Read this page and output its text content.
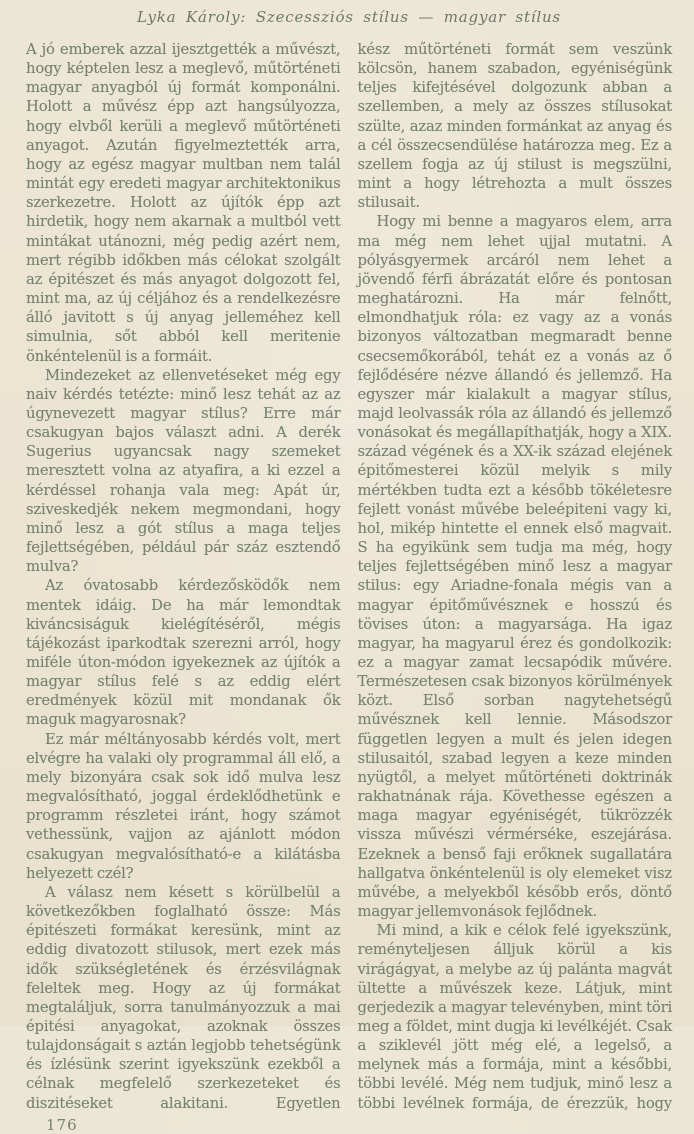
Lyka Károly: Szecessziós stílus — magyar stílus

A jó emberek azzal ijesztgették a művészt, hogy képtelen lesz a meglevő, műtörténeti magyar anyagból új formát komponálni. Holott a művész épp azt hangsúlyozza, hogy elvből kerüli a meglevő műtörténeti anyagot. Azután figyelmeztették arra, hogy az egész magyar multban nem talál mintát egy eredeti magyar architektonikus szerkezetre. Holott az újítók épp azt hirdetik, hogy nem akarnak a multból vett mintákat utánozni, még pedig azért nem, mert régibb időkben más célokat szolgált az épitészet és más anyagot dolgozott fel, mint ma, az új céljához és a rendelkezésre álló javitott s új anyag jelleméhez kell simulnia, sőt abból kell meritenie önkéntelenül is a formáit.

Mindezeket az ellenvetéseket még egy naiv kérdés tetézte: minő lesz tehát az az úgynevezett magyar stílus? Erre már csakugyan bajos választ adni. A derék Sugerius ugyancsak nagy szemeket meresztett volna az atyafira, a ki ezzel a kérdéssel rohanja vala meg: Apát úr, sziveskedjék nekem megmondani, hogy minő lesz a gót stílus a maga teljes fejlettségében, például pár száz esztendő mulva?

Az óvatosabb kérdezősködők nem mentek idáig. De ha már lemondtak kiváncsiságuk kielégítéséről, mégis tájékozást iparkodtak szerezni arról, hogy miféle úton-módon igyekeznek az újítók a magyar stílus felé s az eddig elért eredmények közül mit mondanak ők maguk magyarosnak?

Ez már méltányosabb kérdés volt, mert elvégre ha valaki oly programmal áll elő, a mely bizonyára csak sok idő mulva lesz megvalósítható, joggal érdeklődhetünk e programm részletei iránt, hogy számot vethessünk, vajjon az ajánlott módon csakugyan megvalósítható-e a kilátásba helyezett czél?

A válasz nem késett s körülbelül a következőkben foglalható össze: Más épitészeti formákat keresünk, mint az eddig divatozott stilusok, mert ezek más idők szükségletének és érzésvilágnak feleltek meg. Hogy az új formákat megtaláljuk, sorra tanulmányozzuk a mai épitési anyagokat, azoknak összes tulajdonságait s aztán legjobb tehetségünk és ízlésünk szerint igyekszünk ezekből a célnak megfelelő szerkezeteket és diszitéseket alakitani. Egyetlen

kész műtörténeti formát sem veszünk kölcsön, hanem szabadon, egyéniségünk teljes kifejtésével dolgozunk abban a szellemben, a mely az összes stílusokat szülte, azaz minden formánkat az anyag és a cél összecsendülése határozza meg. Ez a szellem fogja az új stilust is megszülni, mint a hogy létrehozta a mult összes stilusait.

Hogy mi benne a magyaros elem, arra ma még nem lehet ujjal mutatni. A pólyásgyermek arcáról nem lehet a jövendő férfi ábrázatát előre és pontosan meghatározni. Ha már felnőtt, elmondhatjuk róla: ez vagy az a vonás bizonyos változatban megmaradt benne csecsemőkorából, tehát ez a vonás az ő fejlődésére nézve állandó és jellemző. Ha egyszer már kialakult a magyar stílus, majd leolvassák róla az állandó és jellemző vonásokat és megállapíthatják, hogy a XIX. század végének és a XX-ik század elejének épitőmesterei közül melyik s mily mértékben tudta ezt a később tökéletesre fejlett vonást művébe beleépiteni vagy ki, hol, mikép hintette el ennek első magvait. S ha egyikünk sem tudja ma még, hogy teljes fejlettségében minő lesz a magyar stilus: egy Ariadne-fonala mégis van a magyar épitőművésznek e hosszú és tövises úton: a magyarsága. Ha igaz magyar, ha magyarul érez és gondolkozik: ez a magyar zamat lecsapódik művére. Természetesen csak bizonyos körülmények közt. Első sorban nagytehetségű művésznek kell lennie. Másodszor független legyen a mult és jelen idegen stilusaitól, szabad legyen a keze minden nyügtől, a melyet műtörténeti doktrinák rakhatnának rája. Követhesse egészen a maga magyar egyéniségét, tükrözzék vissza művészi vérmérséke, eszejárása. Ezeknek a benső faji erőknek sugallatára hallgatva önkéntelenül is oly elemeket visz művébe, a melyekből később erős, döntő magyar jellemvonások fejlődnek.

Mi mind, a kik e célok felé igyekszünk, reményteljesen álljuk körül a kis virágágyat, a melybe az új palánta magvát ültette a művészek keze. Látjuk, mint gerjedezik a magyar televényben, mint töri meg a földet, mint dugja ki levélkéjét. Csak a sziklevél jött még elé, a legelső, a melynek más a formája, mint a későbbi, többi levélé. Még nem tudjuk, minő lesz a többi levélnek formája, de érezzük, hogy

176
